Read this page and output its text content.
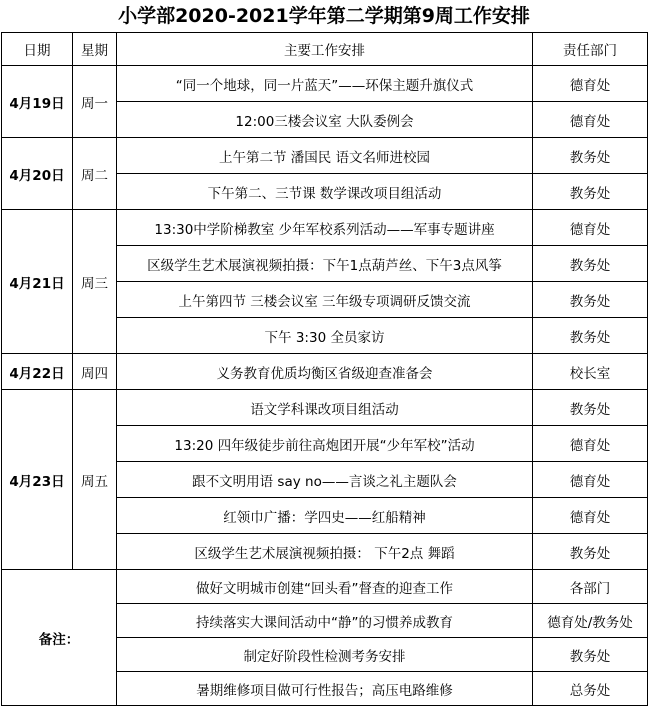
小学部2020-2021学年第二学期第9周工作安排
日期	星期	主要工作安排	责任部门
4月19日	周一	“同一个地球，同一片蓝天”——环保主题升旗仪式	德育处
		12:00三楼会议室 大队委例会	德育处
4月20日	周二	上午第二节 潘国民 语文名师进校园	教务处
		下午第二、三节课 数学课改项目组活动	教务处
4月21日	周三	13:30中学阶梯教室 少年军校系列活动——军事专题讲座	德育处
		区级学生艺术展演视频拍摄：下午1点葫芦丝、下午3点风筝	教务处
		上午第四节 三楼会议室 三年级专项调研反馈交流	教务处
		下午 3:30 全员家访	教务处
4月22日	周四	义务教育优质均衡区省级迎查准备会	校长室
4月23日	周五	语文学科课改项目组活动	教务处
		13:20 四年级徒步前往高炮团开展“少年军校”活动	德育处
		跟不文明用语 say no——言谈之礼主题队会	德育处
		红领巾广播：学四史——红船精神	德育处
		区级学生艺术展演视频拍摄： 下午2点 舞蹈	教务处
备注：		做好文明城市创建“回头看”督查的迎查工作	各部门
		持续落实大课间活动中“静”的习惯养成教育	德育处/教务处
		制定好阶段性检测考务安排	教务处
		暑期维修项目做可行性报告；高压电路维修	总务处
